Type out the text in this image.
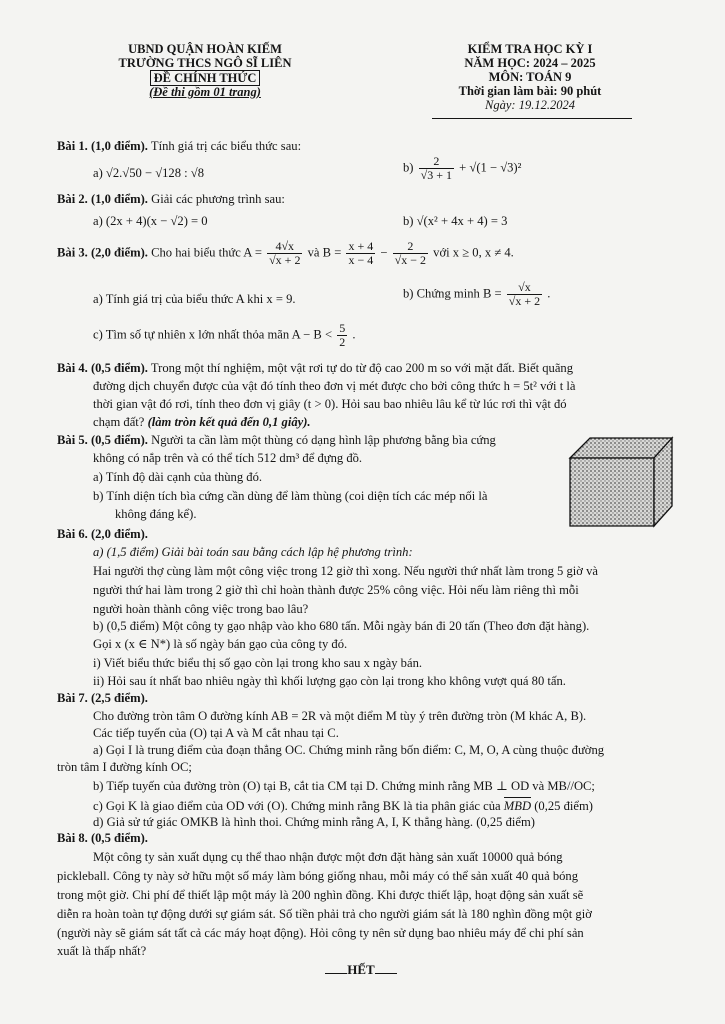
UBND QUẬN HOÀN KIẾM
TRƯỜNG THCS NGÔ SĨ LIÊN
ĐỀ CHÍNH THỨC
(Đề thi gồm 01 trang)
KIỂM TRA HỌC KỲ I
NĂM HỌC: 2024 – 2025
MÔN: TOÁN 9
Thời gian làm bài: 90 phút
Ngày: 19.12.2024
Bài 1. (1,0 điểm). Tính giá trị các biểu thức sau:
a) √2.√50 − √128 : √8	$b) \frac{2}{√3 + 1} + √(1 - √3)^2$
Bài 2. (1,0 điểm). Giải các phương trình sau:
a) (2x + 4)(x − √2) = 0	b) √(x² + 4x + 4) = 3
Bài 3. (2,0 điểm). Cho hai biểu thức $A = \frac{4√x}{√x + 2}$ và $B = \frac{x + 4}{x - 4} - \frac{2}{√x - 2}$ với x ≥ 0, x ≠ 4.
a) Tính giá trị của biểu thức A khi x = 9.	b) Chứng minh $B = \frac{√x}{√x + 2}$ .
c) Tìm số tự nhiên x lớn nhất thỏa mãn $A - B < \frac{5}{2}$ .
Bài 4. (0,5 điểm). Trong một thí nghiệm, một vật rơi tự do từ độ cao 200 m so với mặt đất. Biết quãng
đường dịch chuyển được của vật đó tính theo đơn vị mét được cho bởi công thức h = 5t² với t là
thời gian vật đó rơi, tính theo đơn vị giây (t > 0). Hỏi sau bao nhiêu lâu kể từ lúc rơi thì vật đó
chạm đất? (làm tròn kết quả đến 0,1 giây).
Bài 5. (0,5 điểm). Người ta cần làm một thùng có dạng hình lập phương bằng bìa cứng
không có nắp trên và có thể tích 512 dm³ để đựng đồ.
a) Tính độ dài cạnh của thùng đó.
b) Tính diện tích bìa cứng cần dùng để làm thùng (coi diện tích các mép nối là
không đáng kể).
Bài 6. (2,0 điểm).
a) (1,5 điểm) Giải bài toán sau bằng cách lập hệ phương trình:
Hai người thợ cùng làm một công việc trong 12 giờ thì xong. Nếu người thứ nhất làm trong 5 giờ và
người thứ hai làm trong 2 giờ thì chỉ hoàn thành được 25% công việc. Hỏi nếu làm riêng thì mỗi
người hoàn thành công việc trong bao lâu?
b) (0,5 điểm) Một công ty gạo nhập vào kho 680 tấn. Mỗi ngày bán đi 20 tấn (Theo đơn đặt hàng).
Gọi x (x ∈ N*) là số ngày bán gạo của công ty đó.
i) Viết biểu thức biểu thị số gạo còn lại trong kho sau x ngày bán.
ii) Hỏi sau ít nhất bao nhiêu ngày thì khối lượng gạo còn lại trong kho không vượt quá 80 tấn.
Bài 7. (2,5 điểm).
Cho đường tròn tâm O đường kính AB = 2R và một điểm M tùy ý trên đường tròn (M khác A, B).
Các tiếp tuyến của (O) tại A và M cắt nhau tại C.
a) Gọi I là trung điểm của đoạn thẳng OC. Chứng minh rằng bốn điểm: C, M, O, A cùng thuộc đường
tròn tâm I đường kính OC;
b) Tiếp tuyến của đường tròn (O) tại B, cắt tia CM tại D. Chứng minh rằng MB ⊥ OD và MB//OC;
c) Gọi K là giao điểm của OD với (O). Chứng minh rằng BK là tia phân giác của MBD (0,25 điểm)
d) Giả sử tứ giác OMKB là hình thoi. Chứng minh rằng A, I, K thẳng hàng. (0,25 điểm)
Bài 8. (0,5 điểm).
Một công ty sản xuất dụng cụ thể thao nhận được một đơn đặt hàng sản xuất 10000 quả bóng
pickleball. Công ty này sở hữu một số máy làm bóng giống nhau, mỗi máy có thể sản xuất 40 quả bóng
trong một giờ. Chi phí để thiết lập một máy là 200 nghìn đồng. Khi được thiết lập, hoạt động sản xuất sẽ
diễn ra hoàn toàn tự động dưới sự giám sát. Số tiền phải trả cho người giám sát là 180 nghìn đồng một giờ
(người này sẽ giám sát tất cả các máy hoạt động). Hỏi công ty nên sử dụng bao nhiêu máy để chi phí sản
xuất là thấp nhất?
HẾT
